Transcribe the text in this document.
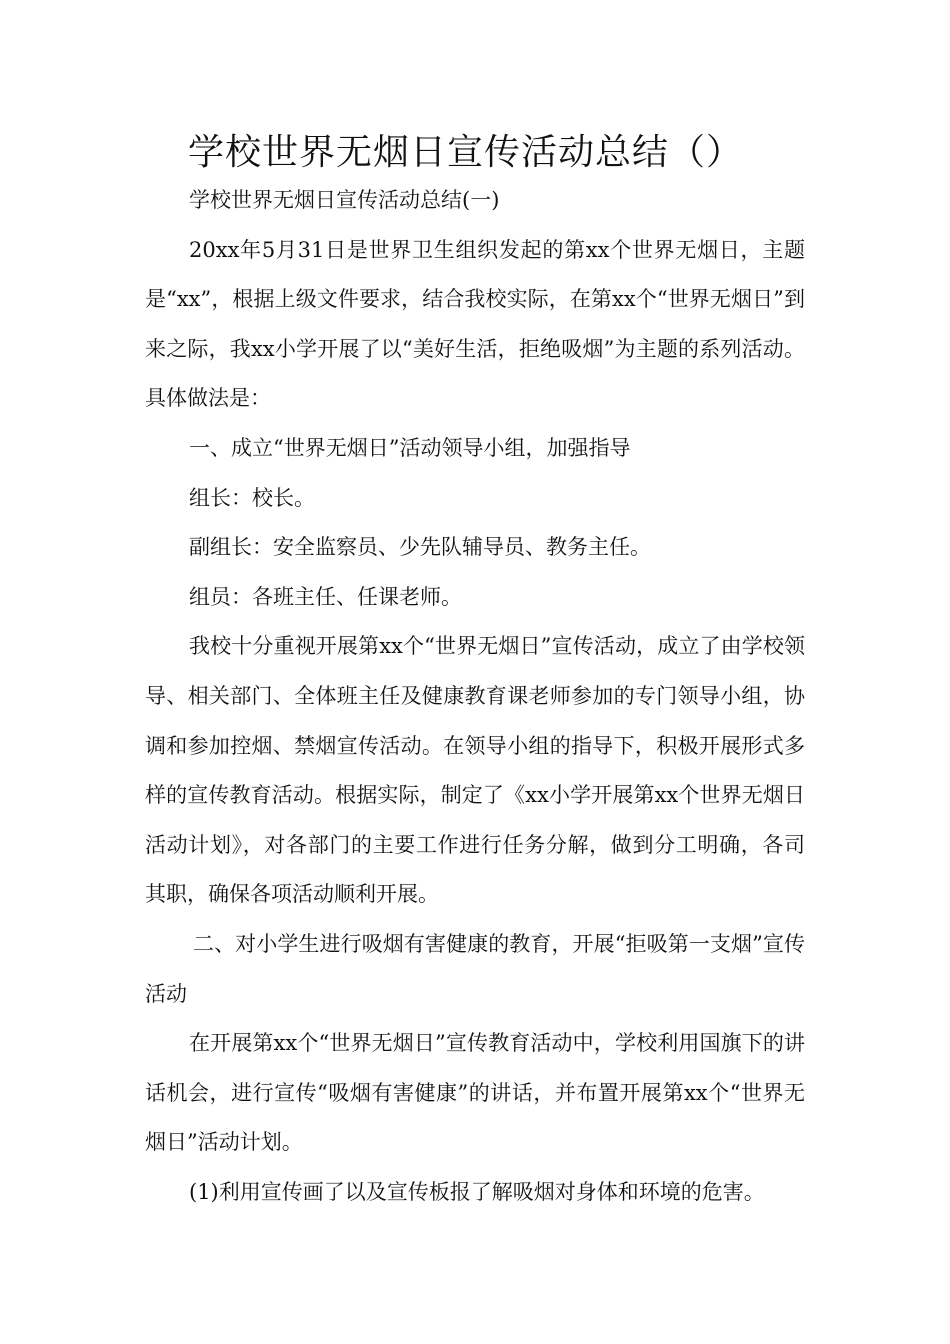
学校世界无烟日宣传活动总结（）

学校世界无烟日宣传活动总结(一)

20xx年5月31日是世界卫生组织发起的第xx个世界无烟日，主题是“xx”，根据上级文件要求，结合我校实际，在第xx个“世界无烟日”到来之际，我xx小学开展了以“美好生活，拒绝吸烟”为主题的系列活动。具体做法是：

一、成立“世界无烟日”活动领导小组，加强指导

组长：校长。

副组长：安全监察员、少先队辅导员、教务主任。

组员：各班主任、任课老师。

我校十分重视开展第xx个“世界无烟日”宣传活动，成立了由学校领导、相关部门、全体班主任及健康教育课老师参加的专门领导小组，协调和参加控烟、禁烟宣传活动。在领导小组的指导下，积极开展形式多样的宣传教育活动。根据实际，制定了《xx小学开展第xx个世界无烟日活动计划》，对各部门的主要工作进行任务分解，做到分工明确，各司其职，确保各项活动顺利开展。

二、对小学生进行吸烟有害健康的教育，开展“拒吸第一支烟”宣传活动

在开展第xx个“世界无烟日”宣传教育活动中，学校利用国旗下的讲话机会，进行宣传“吸烟有害健康”的讲话，并布置开展第xx个“世界无烟日”活动计划。

(1)利用宣传画了以及宣传板报了解吸烟对身体和环境的危害。
